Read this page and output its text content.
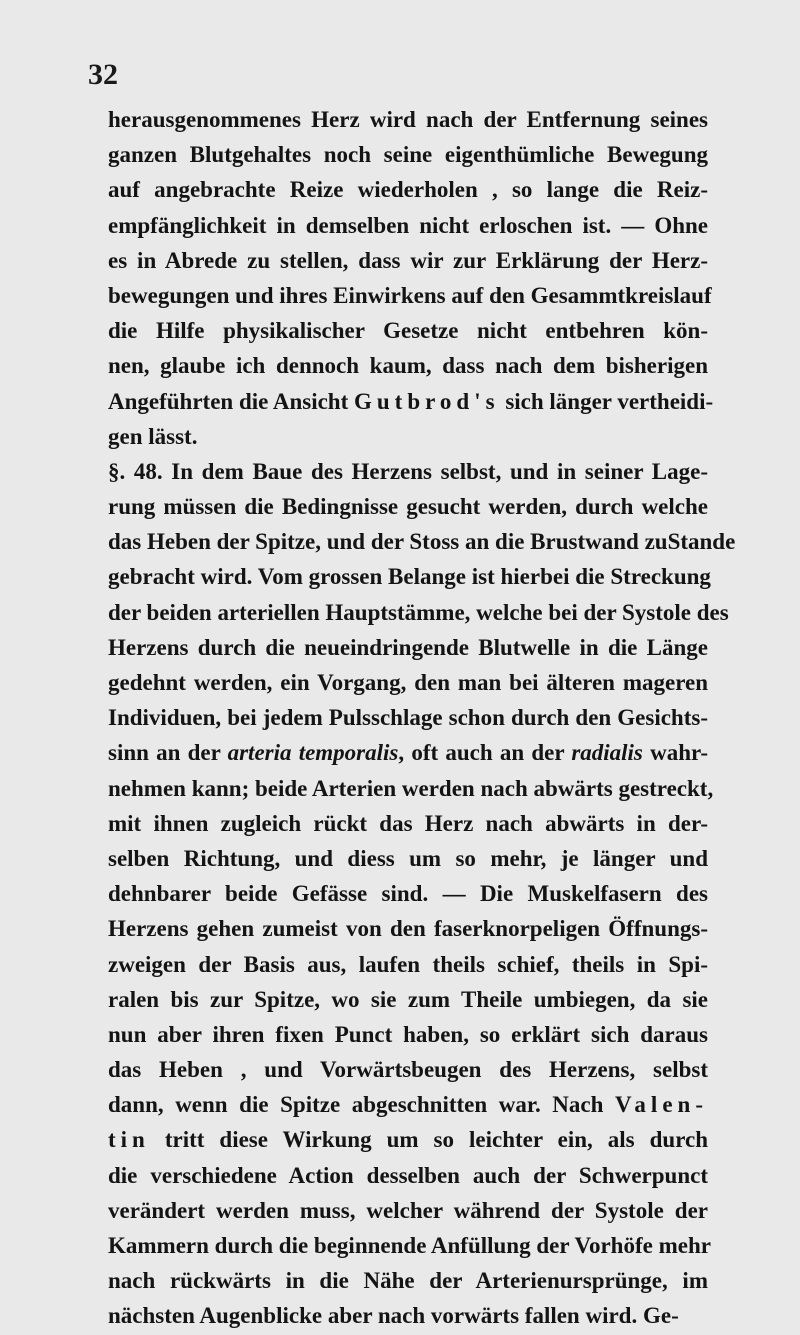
32
herausgenommenes Herz wird nach der Entfernung seines
ganzen Blutgehaltes noch seine eigenthümliche Bewegung
auf angebrachte Reize wiederholen , so lange die Reiz-
empfänglichkeit in demselben nicht erloschen ist. — Ohne
es in Abrede zu stellen, dass wir zur Erklärung der Herz-
bewegungen und ihres Einwirkens auf den Gesammtkreislauf
die Hilfe physikalischer Gesetze nicht entbehren kön-
nen, glaube ich dennoch kaum, dass nach dem bisherigen
Angeführten die Ansicht Gutbrod's sich länger vertheidi-
gen lässt.
§. 48. In dem Baue des Herzens selbst, und in seiner Lage-
rung müssen die Bedingnisse gesucht werden, durch welche
das Heben der Spitze, und der Stoss an die Brustwand zuStande
gebracht wird. Vom grossen Belange ist hierbei die Streckung
der beiden arteriellen Hauptstämme, welche bei der Systole des
Herzens durch die neueindringende Blutwelle in die Länge
gedehnt werden, ein Vorgang, den man bei älteren mageren
Individuen, bei jedem Pulsschlage schon durch den Gesichts-
sinn an der arteria temporalis, oft auch an der radialis wahr-
nehmen kann; beide Arterien werden nach abwärts gestreckt,
mit ihnen zugleich rückt das Herz nach abwärts in der-
selben Richtung, und diess um so mehr, je länger und
dehnbarer beide Gefässe sind. — Die Muskelfasern des
Herzens gehen zumeist von den faserknorpeligen Öffnungs-
zweigen der Basis aus, laufen theils schief, theils in Spi-
ralen bis zur Spitze, wo sie zum Theile umbiegen, da sie
nun aber ihren fixen Punct haben, so erklärt sich daraus
das Heben , und Vorwärtsbeugen des Herzens, selbst
dann, wenn die Spitze abgeschnitten war. Nach Valen-
tin tritt diese Wirkung um so leichter ein, als durch
die verschiedene Action desselben auch der Schwerpunct
verändert werden muss, welcher während der Systole der
Kammern durch die beginnende Anfüllung der Vorhöfe mehr
nach rückwärts in die Nähe der Arterienursprünge, im
nächsten Augenblicke aber nach vorwärts fallen wird. Ge-
